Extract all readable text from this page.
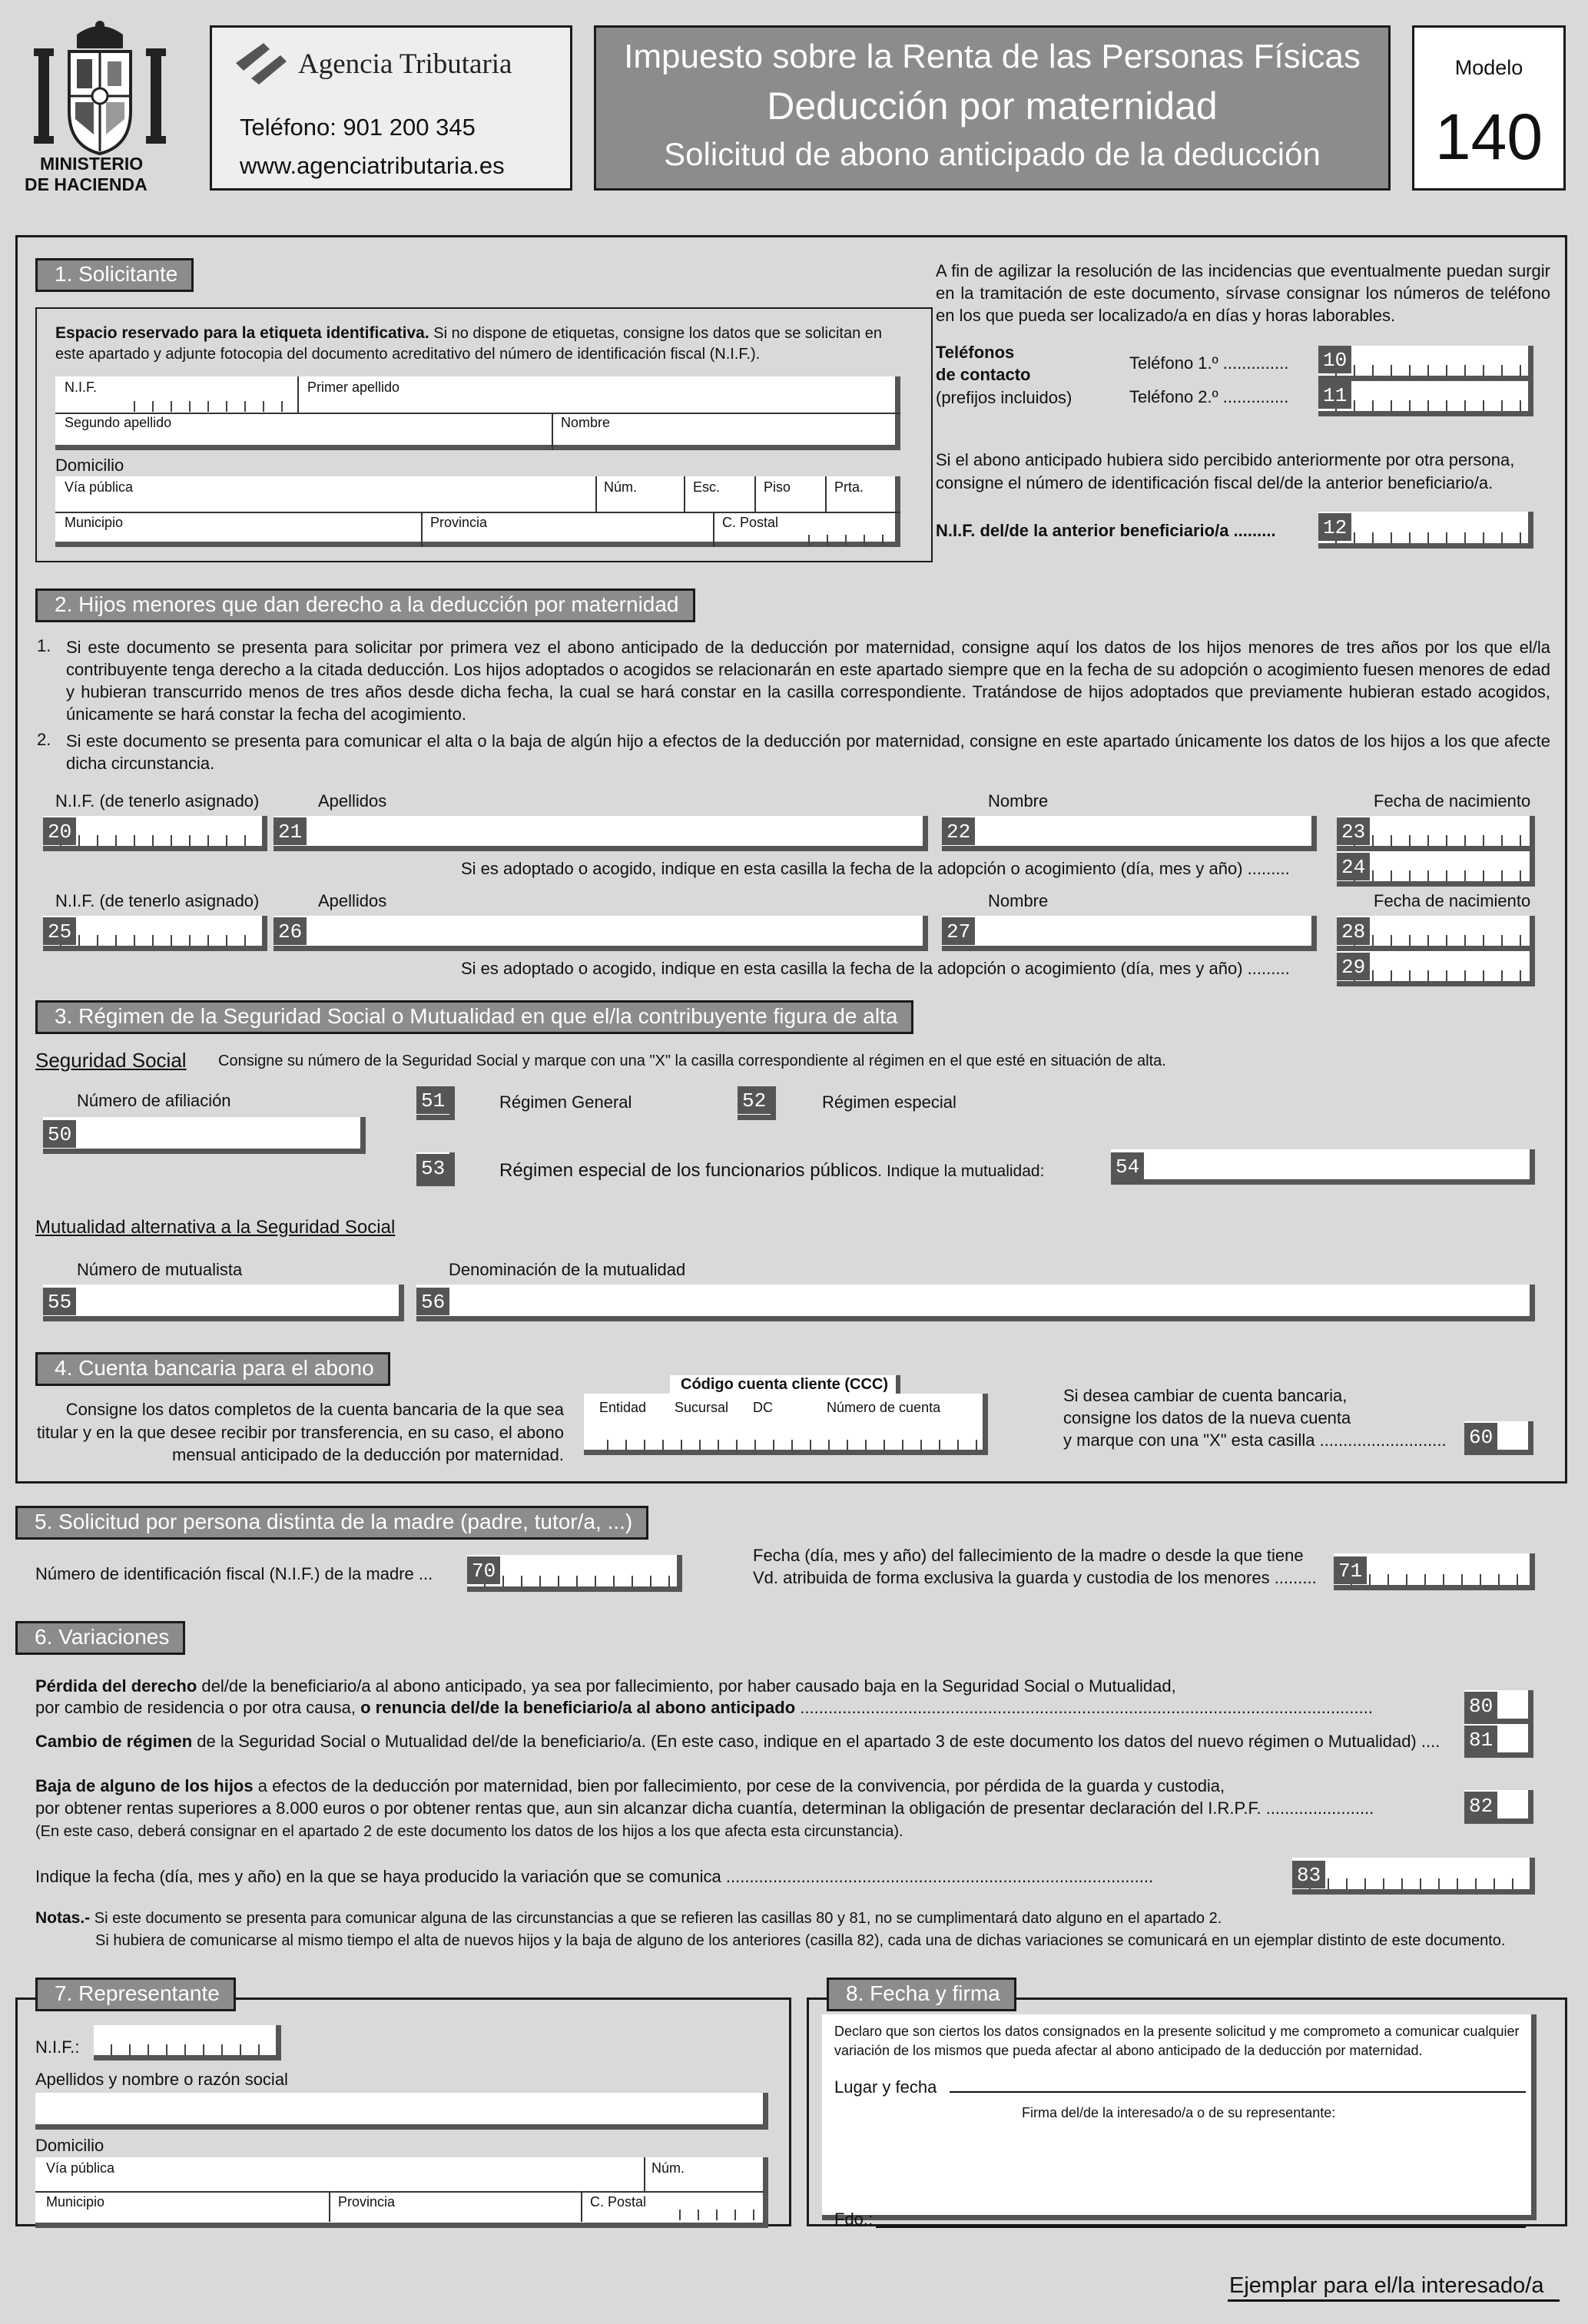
MINISTERIO
DE HACIENDA
Agencia Tributaria
Teléfono: 901 200 345
www.agenciatributaria.es
Impuesto sobre la Renta de las Personas Físicas
Deducción por maternidad
Solicitud de abono anticipado de la deducción
Modelo
140
1. Solicitante
Espacio reservado para la etiqueta identificativa. Si no dispone de etiquetas, consigne los datos que se solicitan en este apartado y adjunte fotocopia del documento acreditativo del número de identificación fiscal (N.I.F.).
N.I.F.	Primer apellido
Segundo apellido	Nombre
Domicilio
Vía pública	Núm.	Esc.	Piso	Prta.
Municipio	Provincia	C. Postal
A fin de agilizar la resolución de las incidencias que eventualmente puedan surgir en la tramitación de este documento, sírvase consignar los números de teléfono en los que pueda ser localizado/a en días y horas laborables.
Teléfonos
de contacto
(prefijos incluidos)
Teléfono 1.º ..............
Teléfono 2.º ..............
10
11
Si el abono anticipado hubiera sido percibido anteriormente por otra persona, consigne el número de identificación fiscal del/de la anterior beneficiario/a.
N.I.F. del/de la anterior beneficiario/a ......... 12
2. Hijos menores que dan derecho a la deducción por maternidad
1. Si este documento se presenta para solicitar por primera vez el abono anticipado de la deducción por maternidad, consigne aquí los datos de los hijos menores de tres años por los que el/la contribuyente tenga derecho a la citada deducción. Los hijos adoptados o acogidos se relacionarán en este apartado siempre que en la fecha de su adopción o acogimiento fuesen menores de edad y hubieran transcurrido menos de tres años desde dicha fecha, la cual se hará constar en la casilla correspondiente. Tratándose de hijos adoptados que previamente hubieran estado acogidos, únicamente se hará constar la fecha del acogimiento.
2. Si este documento se presenta para comunicar el alta o la baja de algún hijo a efectos de la deducción por maternidad, consigne en este apartado únicamente los datos de los hijos a los que afecte dicha circunstancia.
N.I.F. (de tenerlo asignado)	Apellidos	Nombre	Fecha de nacimiento
20	21	22	23
Si es adoptado o acogido, indique en esta casilla la fecha de la adopción o acogimiento (día, mes y año) .........	24
N.I.F. (de tenerlo asignado)	Apellidos	Nombre	Fecha de nacimiento
25	26	27	28
Si es adoptado o acogido, indique en esta casilla la fecha de la adopción o acogimiento (día, mes y año) .........	29
3. Régimen de la Seguridad Social o Mutualidad en que el/la contribuyente figura de alta
Seguridad Social Consigne su número de la Seguridad Social y marque con una "X" la casilla correspondiente al régimen en el que esté en situación de alta.
Número de afiliación
50
51	Régimen General	52	Régimen especial
53	Régimen especial de los funcionarios públicos. Indique la mutualidad:	54
Mutualidad alternativa a la Seguridad Social
Número de mutualista	Denominación de la mutualidad
55	56
4. Cuenta bancaria para el abono
Consigne los datos completos de la cuenta bancaria de la que sea titular y en la que desee recibir por transferencia, en su caso, el abono mensual anticipado de la deducción por maternidad.
Código cuenta cliente (CCC)
Entidad Sucursal DC	Número de cuenta
Si desea cambiar de cuenta bancaria,
consigne los datos de la nueva cuenta
y marque con una "X" esta casilla ........................... 60
5. Solicitud por persona distinta de la madre (padre, tutor/a, ...)
Número de identificación fiscal (N.I.F.) de la madre ... 70
Fecha (día, mes y año) del fallecimiento de la madre o desde la que tiene
Vd. atribuida de forma exclusiva la guarda y custodia de los menores ......... 71
6. Variaciones
Pérdida del derecho del/de la beneficiario/a al abono anticipado, ya sea por fallecimiento, por haber causado baja en la Seguridad Social o Mutualidad,
por cambio de residencia o por otra causa, o renuncia del/de la beneficiario/a al abono anticipado ..........................................................................................................................	80
Cambio de régimen de la Seguridad Social o Mutualidad del/de la beneficiario/a. (En este caso, indique en el apartado 3 de este documento los datos del nuevo régimen o Mutualidad) .... 81
Baja de alguno de los hijos a efectos de la deducción por maternidad, bien por fallecimiento, por cese de la convivencia, por pérdida de la guarda y custodia,
por obtener rentas superiores a 8.000 euros o por obtener rentas que, aun sin alcanzar dicha cuantía, determinan la obligación de presentar declaración del I.R.P.F. .......................
(En este caso, deberá consignar en el apartado 2 de este documento los datos de los hijos a los que afecta esta circunstancia).
82
Indique la fecha (día, mes y año) en la que se haya producido la variación que se comunica ...........................................................................................	83
Notas.- Si este documento se presenta para comunicar alguna de las circunstancias a que se refieren las casillas 80 y 81, no se cumplimentará dato alguno en el apartado 2.
Si hubiera de comunicarse al mismo tiempo el alta de nuevos hijos y la baja de alguno de los anteriores (casilla 82), cada una de dichas variaciones se comunicará en un ejemplar distinto de este documento.
7. Representante
N.I.F.:
Apellidos y nombre o razón social
Domicilio
Vía pública	Núm.
Municipio	Provincia	C. Postal
8. Fecha y firma
Declaro que son ciertos los datos consignados en la presente solicitud y me comprometo a comunicar cualquier variación de los mismos que pueda afectar al abono anticipado de la deducción por maternidad.
Lugar y fecha
Firma del/de la interesado/a o de su representante:
Fdo.:
Ejemplar para el/la interesado/a
